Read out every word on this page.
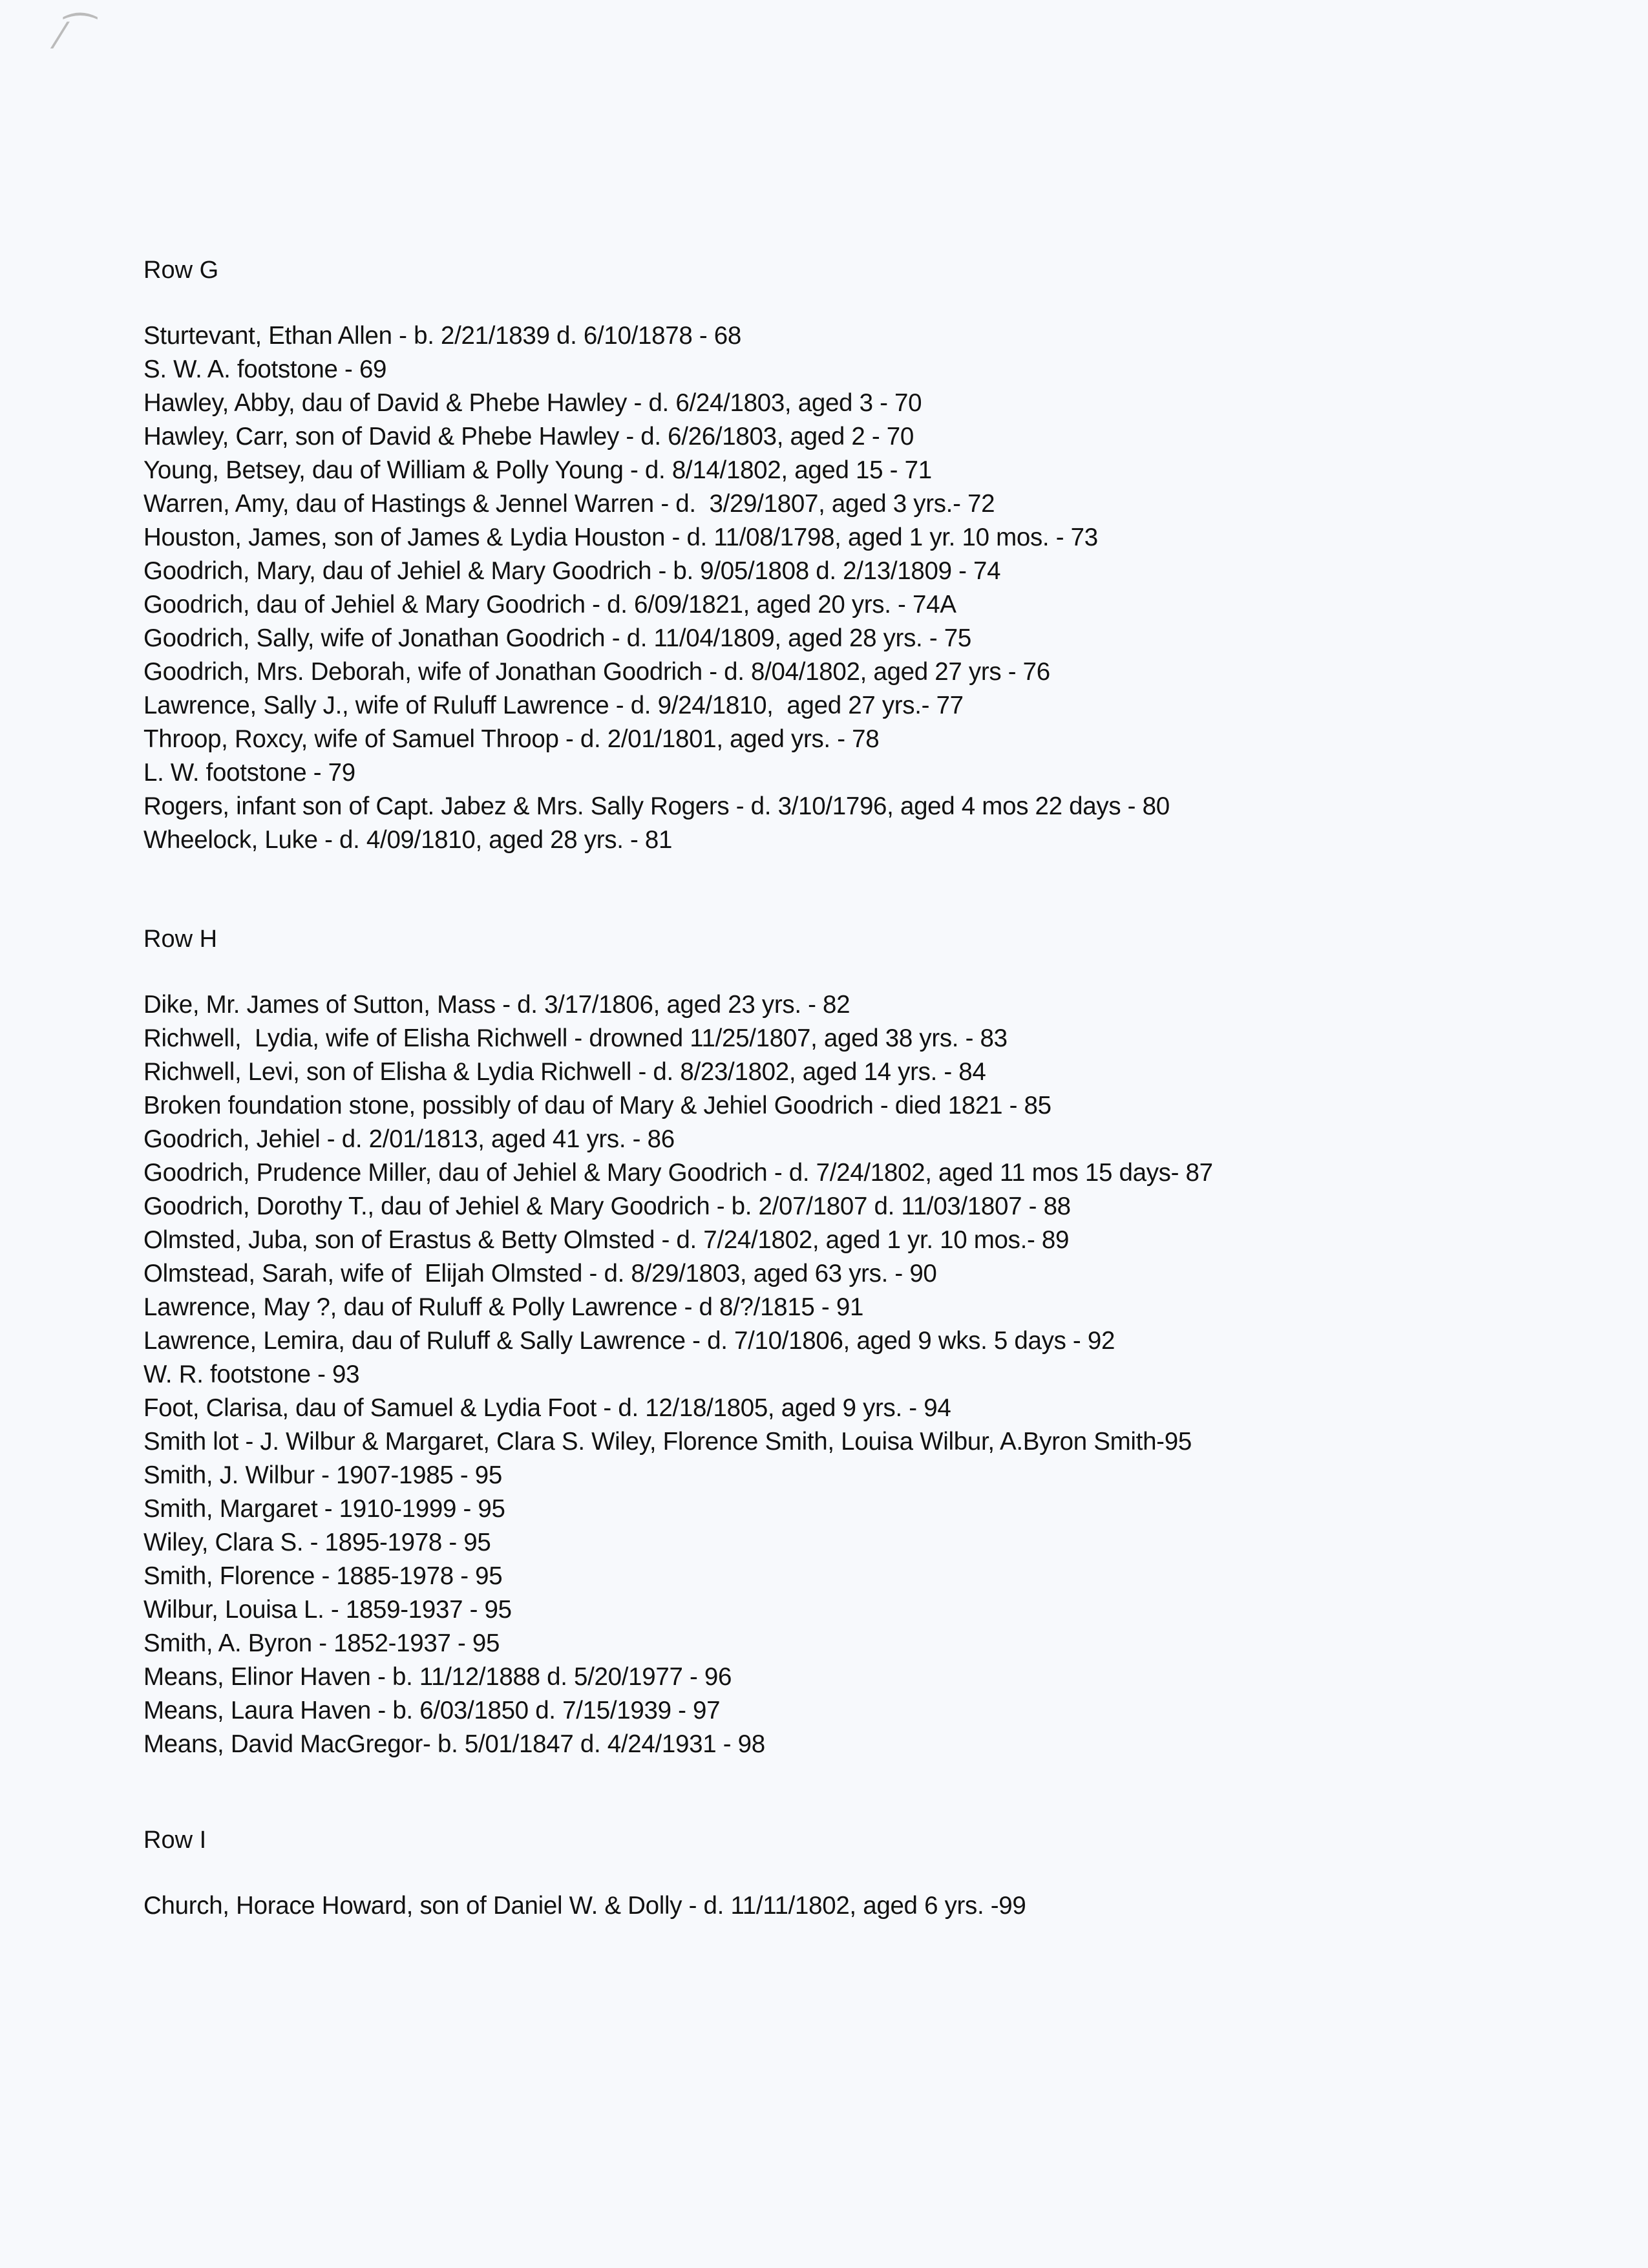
⁄⁀
Row G
Sturtevant, Ethan Allen - b. 2/21/1839 d. 6/10/1878 - 68
S. W. A. footstone - 69
Hawley, Abby, dau of David & Phebe Hawley - d. 6/24/1803, aged 3 - 70
Hawley, Carr, son of David & Phebe Hawley - d. 6/26/1803, aged 2 - 70
Young, Betsey, dau of William & Polly Young - d. 8/14/1802, aged 15 - 71
Warren, Amy, dau of Hastings & Jennel Warren - d.  3/29/1807, aged 3 yrs.- 72
Houston, James, son of James & Lydia Houston - d. 11/08/1798, aged 1 yr. 10 mos. - 73
Goodrich, Mary, dau of Jehiel & Mary Goodrich - b. 9/05/1808 d. 2/13/1809 - 74
Goodrich, dau of Jehiel & Mary Goodrich - d. 6/09/1821, aged 20 yrs. - 74A
Goodrich, Sally, wife of Jonathan Goodrich - d. 11/04/1809, aged 28 yrs. - 75
Goodrich, Mrs. Deborah, wife of Jonathan Goodrich - d. 8/04/1802, aged 27 yrs - 76
Lawrence, Sally J., wife of Ruluff Lawrence - d. 9/24/1810,  aged 27 yrs.- 77
Throop, Roxcy, wife of Samuel Throop - d. 2/01/1801, aged yrs. - 78
L. W. footstone - 79
Rogers, infant son of Capt. Jabez & Mrs. Sally Rogers - d. 3/10/1796, aged 4 mos 22 days - 80
Wheelock, Luke - d. 4/09/1810, aged 28 yrs. - 81
Row H
Dike, Mr. James of Sutton, Mass - d. 3/17/1806, aged 23 yrs. - 82
Richwell,  Lydia, wife of Elisha Richwell - drowned 11/25/1807, aged 38 yrs. - 83
Richwell, Levi, son of Elisha & Lydia Richwell - d. 8/23/1802, aged 14 yrs. - 84
Broken foundation stone, possibly of dau of Mary & Jehiel Goodrich - died 1821 - 85
Goodrich, Jehiel - d. 2/01/1813, aged 41 yrs. - 86
Goodrich, Prudence Miller, dau of Jehiel & Mary Goodrich - d. 7/24/1802, aged 11 mos 15 days- 87
Goodrich, Dorothy T., dau of Jehiel & Mary Goodrich - b. 2/07/1807 d. 11/03/1807 - 88
Olmsted, Juba, son of Erastus & Betty Olmsted - d. 7/24/1802, aged 1 yr. 10 mos.- 89
Olmstead, Sarah, wife of  Elijah Olmsted - d. 8/29/1803, aged 63 yrs. - 90
Lawrence, May ?, dau of Ruluff & Polly Lawrence - d 8/?/1815 - 91
Lawrence, Lemira, dau of Ruluff & Sally Lawrence - d. 7/10/1806, aged 9 wks. 5 days - 92
W. R. footstone - 93
Foot, Clarisa, dau of Samuel & Lydia Foot - d. 12/18/1805, aged 9 yrs. - 94
Smith lot - J. Wilbur & Margaret, Clara S. Wiley, Florence Smith, Louisa Wilbur, A.Byron Smith-95
Smith, J. Wilbur - 1907-1985 - 95
Smith, Margaret - 1910-1999 - 95
Wiley, Clara S. - 1895-1978 - 95
Smith, Florence - 1885-1978 - 95
Wilbur, Louisa L. - 1859-1937 - 95
Smith, A. Byron - 1852-1937 - 95
Means, Elinor Haven - b. 11/12/1888 d. 5/20/1977 - 96
Means, Laura Haven - b. 6/03/1850 d. 7/15/1939 - 97
Means, David MacGregor- b. 5/01/1847 d. 4/24/1931 - 98
Row I
Church, Horace Howard, son of Daniel W. & Dolly - d. 11/11/1802, aged 6 yrs. -99
